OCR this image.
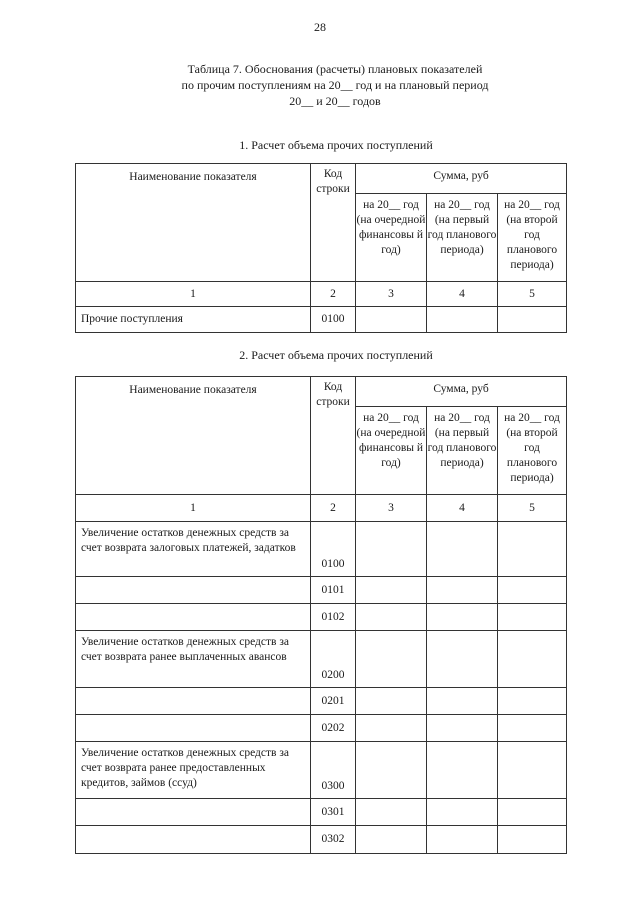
28
Таблица 7. Обоснования (расчеты) плановых показателей
по прочим поступлениям на 20__ год и на плановый период
20__ и 20__ годов
1. Расчет объема прочих поступлений
Наименование показателя	Код строки	Сумма, руб		
		на 20__ год (на очередной финансовы й год)	на 20__ год (на первый год планового периода)	на 20__ год (на второй год планового периода)
1	2	3	4	5
Прочие поступления	0100			
2. Расчет объема прочих поступлений
Наименование показателя	Код строки	Сумма, руб		
		на 20__ год (на очередной финансовы й год)	на 20__ год (на первый год планового периода)	на 20__ год (на второй год планового периода)
1	2	3	4	5
Увеличение остатков денежных средств за счет возврата залоговых платежей, задатков	0100			
	0101			
	0102			
Увеличение остатков денежных средств за счет возврата ранее выплаченных авансов	0200			
	0201			
	0202			
Увеличение остатков денежных средств за счет возврата ранее предоставленных кредитов, займов (ссуд)	0300			
	0301			
	0302			
